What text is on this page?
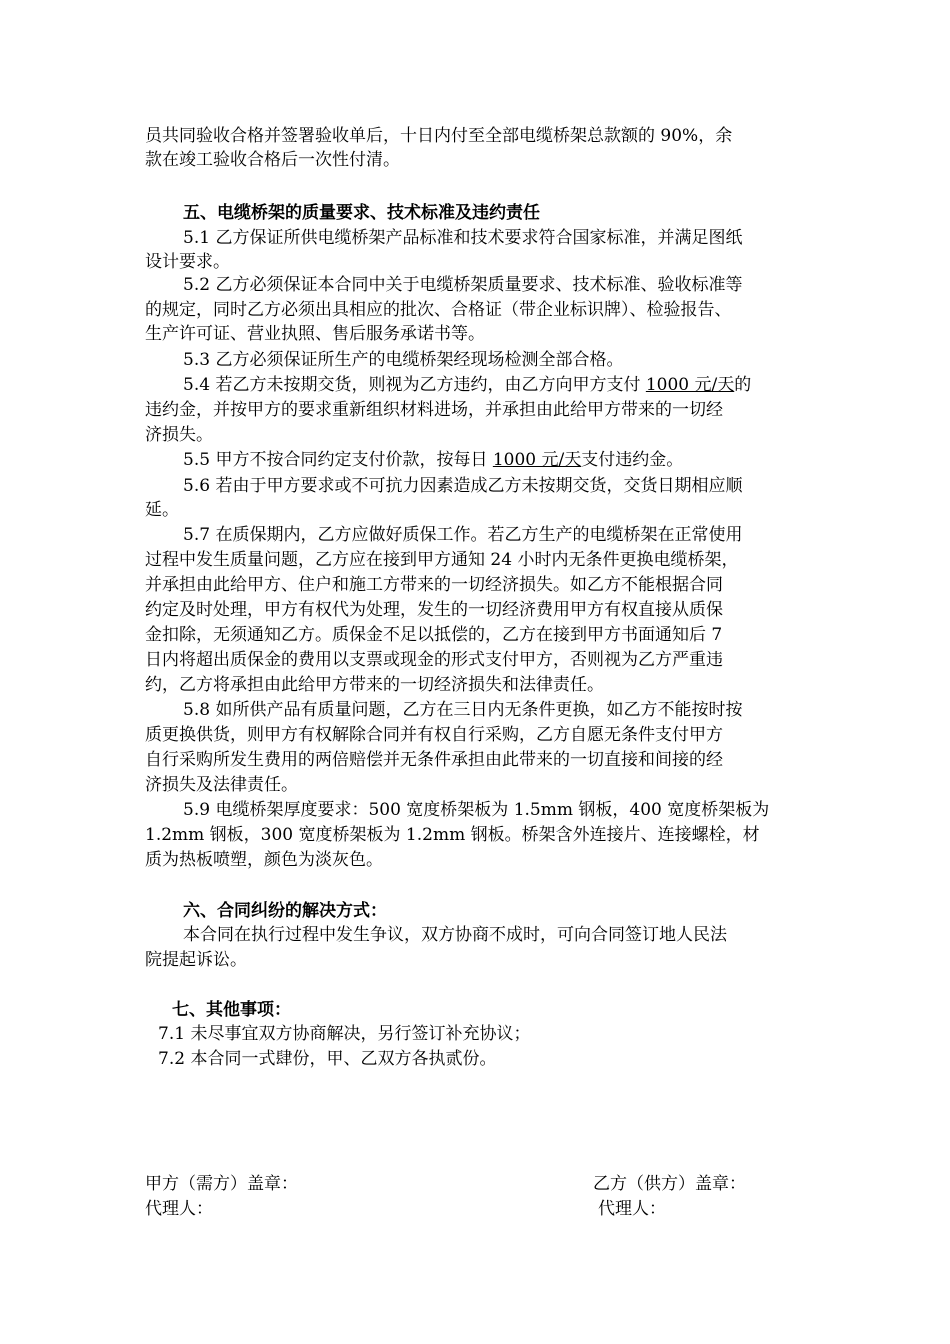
员共同验收合格并签署验收单后，十日内付至全部电缆桥架总款额的 90%，余
款在竣工验收合格后一次性付清。
五、电缆桥架的质量要求、技术标准及违约责任
5.1 乙方保证所供电缆桥架产品标准和技术要求符合国家标准，并满足图纸
设计要求。
5.2 乙方必须保证本合同中关于电缆桥架质量要求、技术标准、验收标准等
的规定，同时乙方必须出具相应的批次、合格证（带企业标识牌）、检验报告、
生产许可证、营业执照、售后服务承诺书等。
5.3 乙方必须保证所生产的电缆桥架经现场检测全部合格。
5.4 若乙方未按期交货，则视为乙方违约，由乙方向甲方支付 1000 元/天的
违约金，并按甲方的要求重新组织材料进场，并承担由此给甲方带来的一切经
济损失。
5.5 甲方不按合同约定支付价款，按每日 1000 元/天支付违约金。
5.6 若由于甲方要求或不可抗力因素造成乙方未按期交货，交货日期相应顺
延。
5.7 在质保期内，乙方应做好质保工作。若乙方生产的电缆桥架在正常使用
过程中发生质量问题，乙方应在接到甲方通知 24 小时内无条件更换电缆桥架，
并承担由此给甲方、住户和施工方带来的一切经济损失。如乙方不能根据合同
约定及时处理，甲方有权代为处理，发生的一切经济费用甲方有权直接从质保
金扣除，无须通知乙方。质保金不足以抵偿的，乙方在接到甲方书面通知后 7
日内将超出质保金的费用以支票或现金的形式支付甲方，否则视为乙方严重违
约，乙方将承担由此给甲方带来的一切经济损失和法律责任。
5.8 如所供产品有质量问题，乙方在三日内无条件更换，如乙方不能按时按
质更换供货，则甲方有权解除合同并有权自行采购，乙方自愿无条件支付甲方
自行采购所发生费用的两倍赔偿并无条件承担由此带来的一切直接和间接的经
济损失及法律责任。
5.9 电缆桥架厚度要求：500 宽度桥架板为 1.5mm 钢板，400 宽度桥架板为
1.2mm 钢板，300 宽度桥架板为 1.2mm 钢板。桥架含外连接片、连接螺栓，材
质为热板喷塑，颜色为淡灰色。
六、合同纠纷的解决方式：
本合同在执行过程中发生争议，双方协商不成时，可向合同签订地人民法
院提起诉讼。
七、其他事项：
7.1 未尽事宜双方协商解决，另行签订补充协议；
7.2 本合同一式肆份，甲、乙双方各执贰份。
甲方（需方）盖章：
代理人：
乙方（供方）盖章：
代理人：
